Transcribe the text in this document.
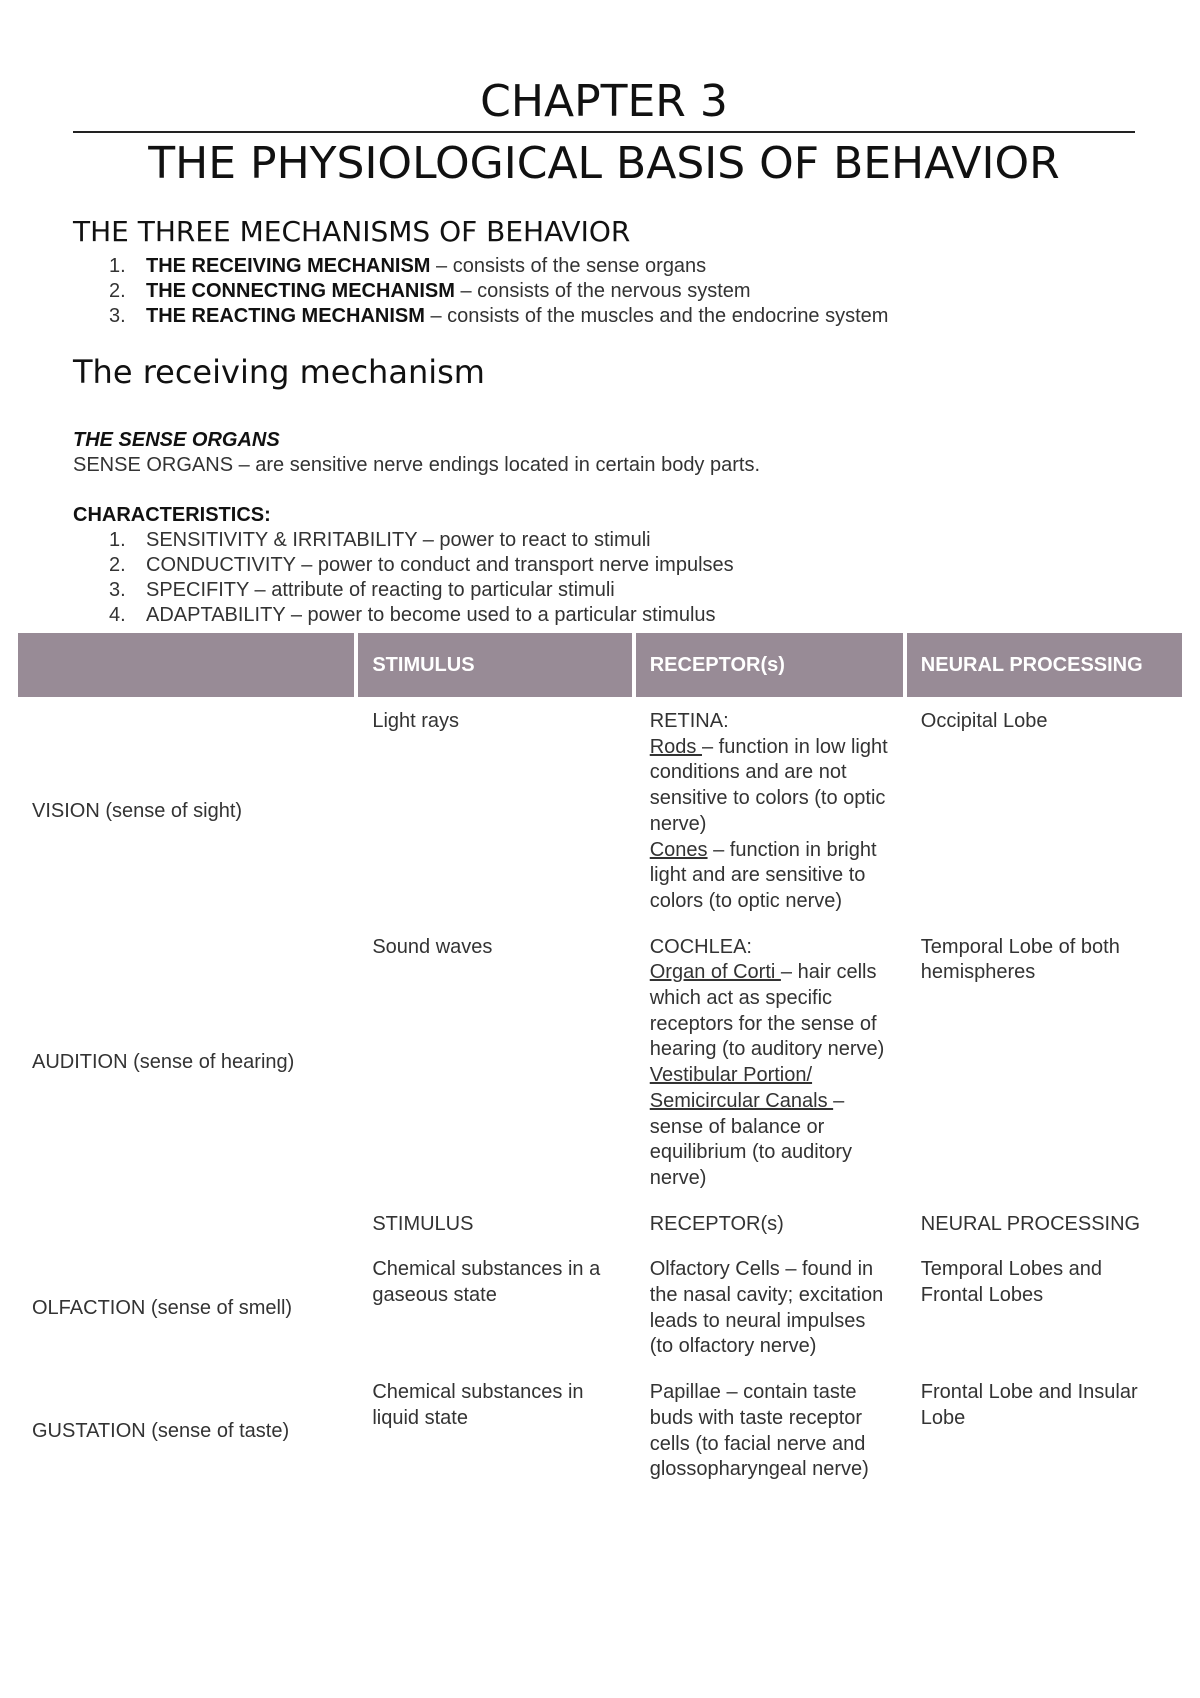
CHAPTER 3
THE PHYSIOLOGICAL BASIS OF BEHAVIOR
THE THREE MECHANISMS OF BEHAVIOR
1.	THE RECEIVING MECHANISM – consists of the sense organs
2.	THE CONNECTING MECHANISM – consists of the nervous system
3.	THE REACTING MECHANISM – consists of the muscles and the endocrine system
The receiving mechanism
THE SENSE ORGANS
SENSE ORGANS – are sensitive nerve endings located in certain body parts.
CHARACTERISTICS:
1.	SENSITIVITY & IRRITABILITY – power to react to stimuli
2.	CONDUCTIVITY – power to conduct and transport nerve impulses
3.	SPECIFITY – attribute of reacting to particular stimuli
4.	ADAPTABILITY – power to become used to a particular stimulus
	STIMULUS	RECEPTOR(s)	NEURAL PROCESSING
VISION (sense of sight)	Light rays	RETINA:
Rods – function in low light conditions and are not sensitive to colors (to optic nerve)
Cones – function in bright light and are sensitive to colors (to optic nerve)	Occipital Lobe
AUDITION (sense of hearing)	Sound waves	COCHLEA:
Organ of Corti – hair cells which act as specific receptors for the sense of hearing (to auditory nerve)
Vestibular Portion/ Semicircular Canals – sense of balance or equilibrium (to auditory nerve)	Temporal Lobe of both hemispheres
	STIMULUS	RECEPTOR(s)	NEURAL PROCESSING
OLFACTION (sense of smell)	Chemical substances in a gaseous state	Olfactory Cells – found in the nasal cavity; excitation leads to neural impulses (to olfactory nerve)	Temporal Lobes and Frontal Lobes
GUSTATION (sense of taste)	Chemical substances in liquid state	Papillae – contain taste buds with taste receptor cells (to facial nerve and glossopharyngeal nerve)	Frontal Lobe and Insular Lobe
